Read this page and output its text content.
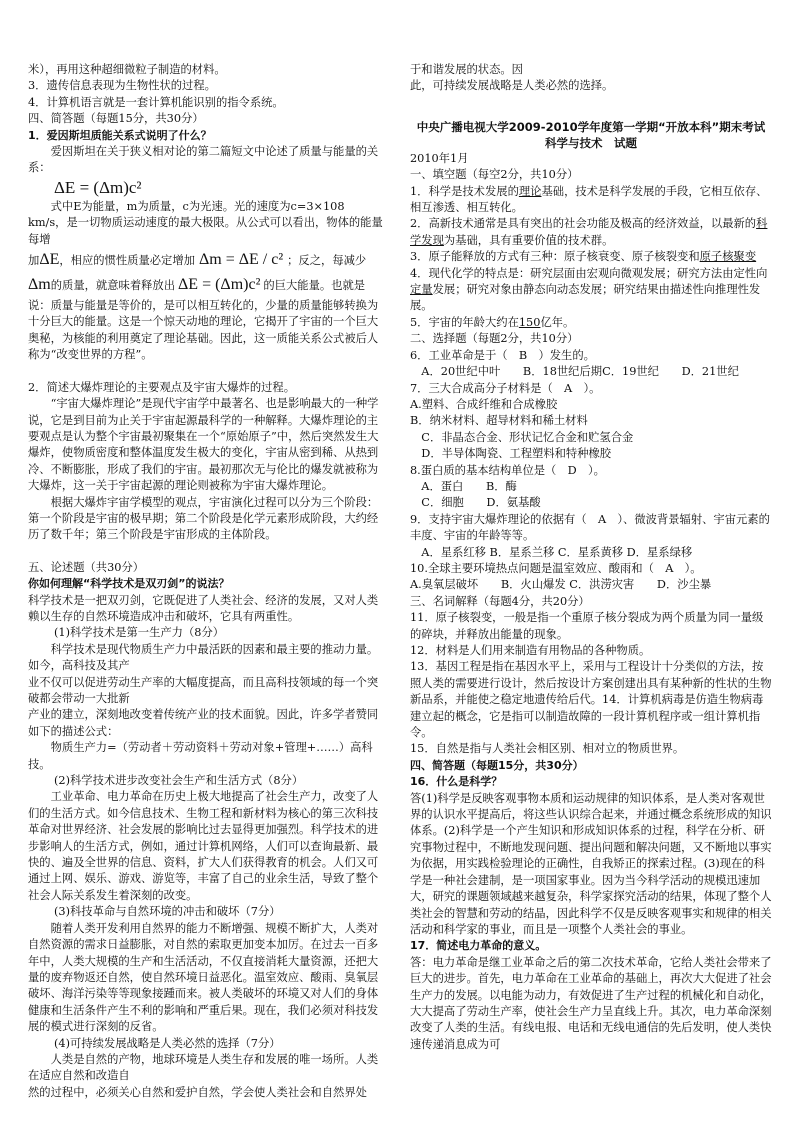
米），再用这种超细微粒子制造的材料。

3．遗传信息表现为生物性状的过程。

4．计算机语言就是一套计算机能识别的指令系统。

四、简答题（每题15分，共30分）

1．爱因斯坦质能关系式说明了什么？

爱因斯坦在关于狭义相对论的第二篇短文中论述了质量与能量的关系：

ΔE = (Δm)c²

式中E为能量，m为质量，c为光速。光的速度为c=3×108 km/s，是一切物质运动速度的最大极限。从公式可以看出，物体的能量每增

加ΔE，相应的惯性质量必定增加 Δm = ΔE / c² ；反之，每减少

Δm的质量，就意味着释放出 ΔE = (Δm)c² 的巨大能量。也就是

说：质量与能量是等价的，是可以相互转化的，少量的质量能够转换为十分巨大的能量。这是一个惊天动地的理论，它揭开了宇宙的一个巨大奥秘，为核能的利用奠定了理论基础。因此，这一质能关系公式被后人称为“改变世界的方程”。

2．简述大爆炸理论的主要观点及宇宙大爆炸的过程。

“宇宙大爆炸理论”是现代宇宙学中最著名、也是影响最大的一种学说，它是到目前为止关于宇宙起源最科学的一种解释。大爆炸理论的主要观点是认为整个宇宙最初聚集在一个“原始原子”中，然后突然发生大爆炸，使物质密度和整体温度发生极大的变化，宇宙从密到稀、从热到冷、不断膨胀，形成了我们的宇宙。最初那次无与伦比的爆发就被称为大爆炸，这一关于宇宙起源的理论则被称为宇宙大爆炸理论。

根据大爆炸宇宙学模型的观点，宇宙演化过程可以分为三个阶段：第一个阶段是宇宙的极早期；第二个阶段是化学元素形成阶段，大约经历了数千年；第三个阶段是宇宙形成的主体阶段。

五、论述题（共30分）

你如何理解“科学技术是双刃剑”的说法？

科学技术是一把双刃剑，它既促进了人类社会、经济的发展，又对人类赖以生存的自然环境造成冲击和破坏，它具有两重性。

(1)科学技术是第一生产力（8分）

科学技术是现代物质生产力中最活跃的因素和最主要的推动力量。如今，高科技及其产

业不仅可以促进劳动生产率的大幅度提高，而且高科技领域的每一个突破都会带动一大批新

产业的建立，深刻地改变着传统产业的技术面貌。因此，许多学者赞同如下的描述公式：

物质生产力=（劳动者＋劳动资料＋劳动对象+管理+……）高科技。

(2)科学技术进步改变社会生产和生活方式（8分）

工业革命、电力革命在历史上极大地提高了社会生产力，改变了人们的生活方式。如今信息技术、生物工程和新材料为核心的第三次科技革命对世界经济、社会发展的影响比过去显得更加强烈。科学技术的进步影响人的生活方式，例如，通过计算机网络，人们可以查询最新、最快的、遍及全世界的信息、资料，扩大人们获得教育的机会。人们又可通过上网、娱乐、游戏、游览等，丰富了自己的业余生活，导致了整个社会人际关系发生着深刻的改变。

(3)科技革命与自然环境的冲击和破坏（7分）

随着人类开发利用自然界的能力不断增强、规模不断扩大，人类对自然资源的需求日益膨胀，对自然的索取更加变本加厉。在过去一百多年中，人类大规模的生产和生活活动，不仅直接消耗大量资源，还把大量的废弃物返还自然，使自然环境日益恶化。温室效应、酸雨、臭氧层破坏、海洋污染等等现象接踵而来。被人类破坏的环境又对人们的身体健康和生活条件产生不利的影响和严重后果。现在，我们必须对科技发展的模式进行深刻的反省。

(4)可持续发展战略是人类必然的选择（7分）

人类是自然的产物，地球环境是人类生存和发展的唯一场所。人类在适应自然和改造自

然的过程中，必须关心自然和爱护自然，学会使人类社会和自然界处

于和谐发展的状态。因

此，可持续发展战略是人类必然的选择。

中央广播电视大学2009-2010学年度第一学期“开放本科”期末考试

科学与技术　试题

2010年1月

一、填空题（每空2分，共10分）

1．科学是技术发展的理论基础，技术是科学发展的手段，它相互依存、相互渗透、相互转化。

2．高新技术通常是具有突出的社会功能及极高的经济效益，以最新的科学发现为基础，具有重要价值的技术群。

3．原子能释放的方式有三种：原子核衰变、原子核裂变和原子核聚变

4．现代化学的特点是：研究层面由宏观向微观发展；研究方法由定性向定量发展；研究对象由静态向动态发展；研究结果由描述性向推理性发展。

5．宇宙的年龄大约在150亿年。

二、选择题（每题2分，共10分）

6．工业革命是于（　B　）发生的。

　A．20世纪中叶　　B．18世纪后期C．19世纪　　D．21世纪

7．三大合成高分子材料是（　A　）。

A.塑料、合成纤维和合成橡胶

B．纳米材料、超导材料和稀土材料

　C．非晶态合金、形状记忆合金和贮氢合金

　D．半导体陶瓷、工程塑料和特种橡胶

8.蛋白质的基本结构单位是（　D　）。

　A．蛋白　　B．酶

　C．细胞　　D．氨基酸

9．支持宇宙大爆炸理论的依据有（　A　）、微波背景辐射、宇宙元素的丰度、宇宙的年龄等等。

　A．星系红移 B．星系兰移 C．星系黄移 D．星系绿移

10.全球主要环境热点问题是温室效应、酸雨和（　A　）。

A.臭氧层破坏　　B．火山爆发 C．洪涝灾害　　D．沙尘暴

三、名词解释（每题4分，共20分）

11．原子核裂变，一般是指一个重原子核分裂成为两个质量为同一量级的碎块，并释放出能量的现象。

12．材料是人们用来制造有用物品的各种物质。

13．基因工程是指在基因水平上，采用与工程设计十分类似的方法，按照人类的需要进行设计，然后按设计方案创建出具有某种新的性状的生物新品系，并能使之稳定地遗传给后代。14．计算机病毒是仿造生物病毒建立起的概念，它是指可以制造故障的一段计算机程序或一组计算机指令。

15．自然是指与人类社会相区别、相对立的物质世界。

四、简答题（每题15分，共30分）

16．什么是科学？

答(1)科学是反映客观事物本质和运动规律的知识体系，是人类对客观世界的认识水平提高后，将这些认识综合起来，并通过概念系统形成的知识体系。(2)科学是一个产生知识和形成知识体系的过程，科学在分析、研究事物过程中，不断地发现问题、提出问题和解决问题，又不断地以事实为依据，用实践检验理论的正确性，自我矫正的探索过程。(3)现在的科学是一种社会建制，是一项国家事业。因为当今科学活动的规模迅速加大，研究的课题领域越来越复杂，科学家探究活动的结果，体现了整个人类社会的智慧和劳动的结晶，因此科学不仅是反映客观事实和规律的相关活动和科学家的事业，而且是一项整个人类社会的事业。

17．简述电力革命的意义。

答：电力革命是继工业革命之后的第二次技术革命，它给人类社会带来了巨大的进步。首先，电力革命在工业革命的基础上，再次大大促进了社会生产力的发展。以电能为动力，有效促进了生产过程的机械化和自动化，大大提高了劳动生产率，使社会生产力呈直线上升。其次，电力革命深刻改变了人类的生活。有线电报、电话和无线电通信的先后发明，使人类快速传递消息成为可
